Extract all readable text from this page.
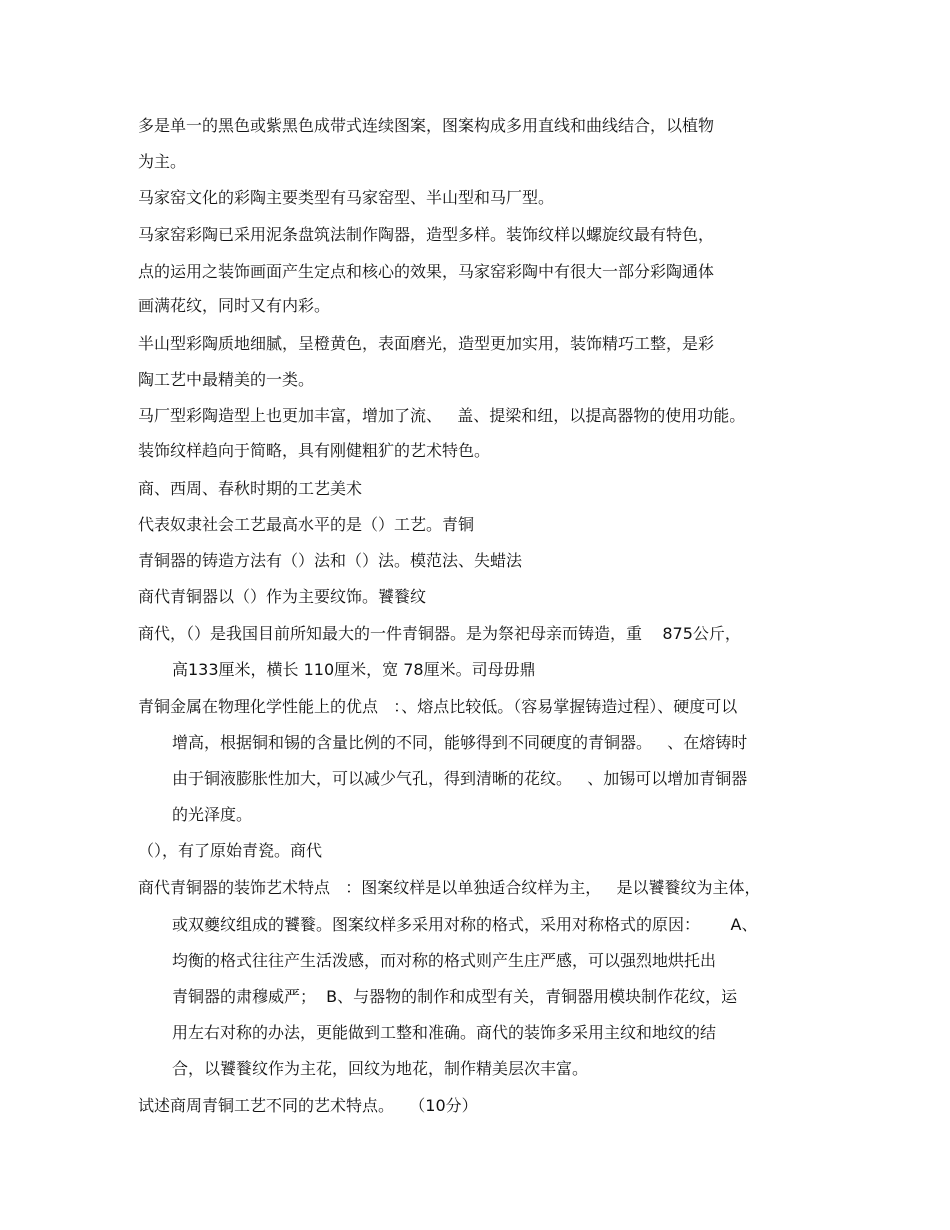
多是单一的黑色或紫黑色成带式连续图案，图案构成多用直线和曲线结合，以植物
为主。
马家窑文化的彩陶主要类型有马家窑型、半山型和马厂型。
马家窑彩陶已采用泥条盘筑法制作陶器，造型多样。装饰纹样以螺旋纹最有特色，
点的运用之装饰画面产生定点和核心的效果，马家窑彩陶中有很大一部分彩陶通体
画满花纹，同时又有内彩。
半山型彩陶质地细腻，呈橙黄色，表面磨光，造型更加实用，装饰精巧工整，是彩
陶工艺中最精美的一类。
马厂型彩陶造型上也更加丰富，增加了流、   盖、提梁和纽，以提高器物的使用功能。
装饰纹样趋向于简略，具有刚健粗犷的艺术特色。
商、西周、春秋时期的工艺美术
代表奴隶社会工艺最高水平的是（）工艺。青铜
青铜器的铸造方法有（）法和（）法。模范法、失蜡法
商代青铜器以（）作为主要纹饰。饕餮纹
商代，（）是我国目前所知最大的一件青铜器。是为祭祀母亲而铸造，重    875公斤，
高133厘米，横长 110厘米，宽 78厘米。司母毋鼎
青铜金属在物理化学性能上的优点   ：、熔点比较低。（容易掌握铸造过程）、硬度可以
增高，根据铜和锡的含量比例的不同，能够得到不同硬度的青铜器。   、在熔铸时
由于铜液膨胀性加大，可以减少气孔，得到清晰的花纹。   、加锡可以增加青铜器
的光泽度。
（），有了原始青瓷。商代
商代青铜器的装饰艺术特点   ：图案纹样是以单独适合纹样为主，   是以饕餮纹为主体，
或双夔纹组成的饕餮。图案纹样多采用对称的格式，采用对称格式的原因：      A、
均衡的格式往往产生活泼感，而对称的格式则产生庄严感，可以强烈地烘托出
青铜器的肃穆威严；  B、与器物的制作和成型有关，青铜器用模块制作花纹，运
用左右对称的办法，更能做到工整和准确。商代的装饰多采用主纹和地纹的结
合，以饕餮纹作为主花，回纹为地花，制作精美层次丰富。
试述商周青铜工艺不同的艺术特点。   （10分）
